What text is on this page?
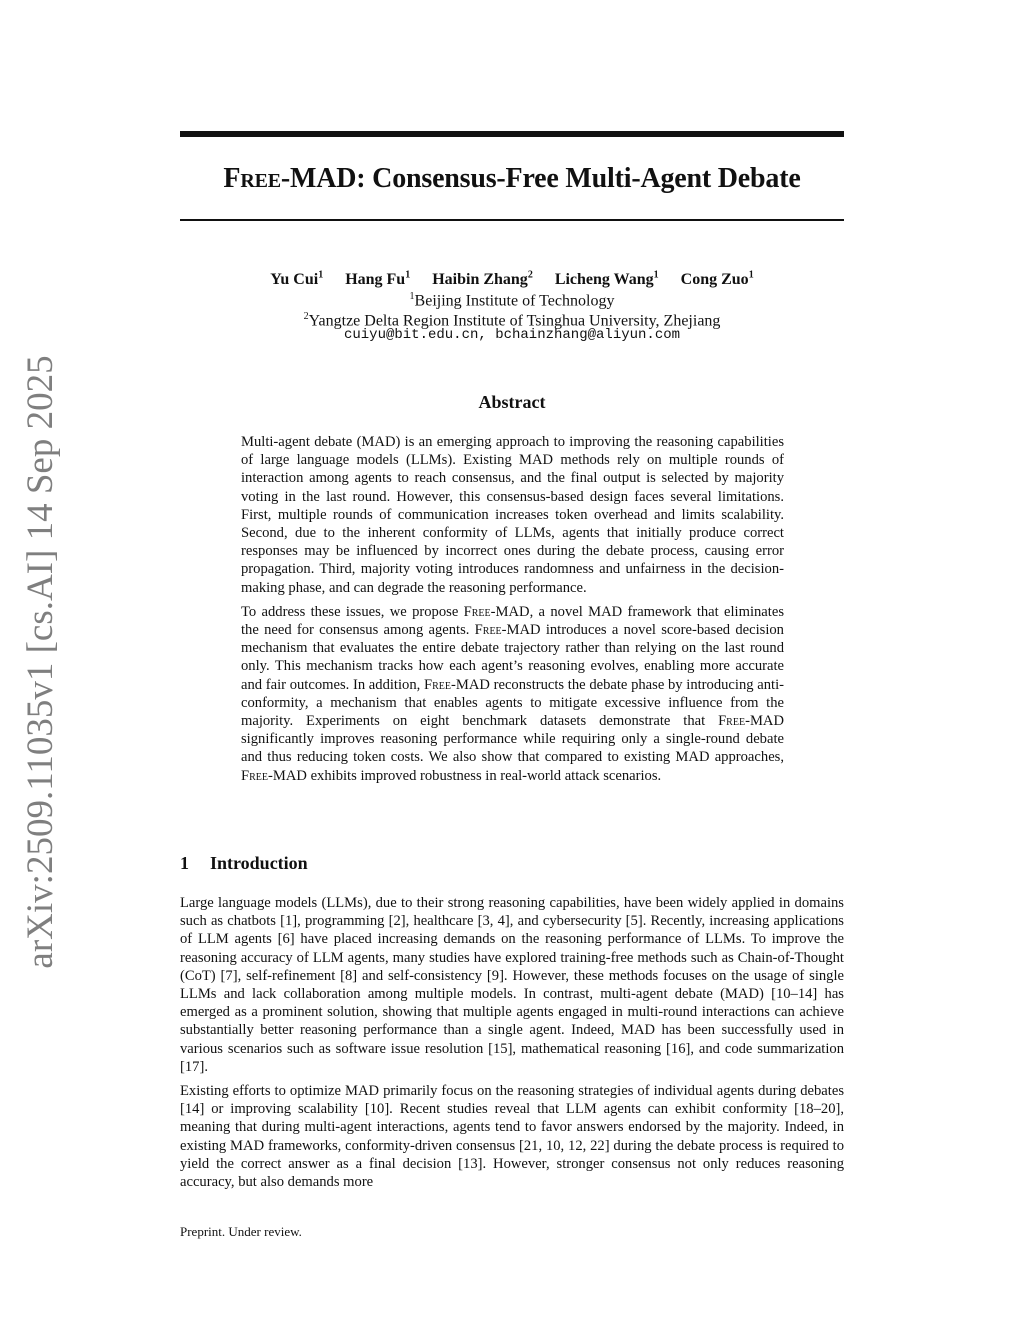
arXiv:2509.11035v1 [cs.AI] 14 Sep 2025
Free-MAD: Consensus-Free Multi-Agent Debate
Yu Cui$^1$ Hang Fu$^1$ Haibin Zhang$^2$ Licheng Wang$^1$ Cong Zuo$^1$
$^1$Beijing Institute of Technology
$^2$Yangtze Delta Region Institute of Tsinghua University, Zhejiang
cuiyu@bit.edu.cn, bchainzhang@aliyun.com
Abstract

Multi-agent debate (MAD) is an emerging approach to improving the reasoning capabilities of large language models (LLMs). Existing MAD methods rely on multiple rounds of interaction among agents to reach consensus, and the final output is selected by majority voting in the last round. However, this consensus-based design faces several limitations. First, multiple rounds of communication increases token overhead and limits scalability. Second, due to the inherent conformity of LLMs, agents that initially produce correct responses may be influenced by incorrect ones during the debate process, causing error propagation. Third, majority voting introduces randomness and unfairness in the decision-making phase, and can degrade the reasoning performance.

To address these issues, we propose Free-MAD, a novel MAD framework that eliminates the need for consensus among agents. Free-MAD introduces a novel score-based decision mechanism that evaluates the entire debate trajectory rather than relying on the last round only. This mechanism tracks how each agent’s reasoning evolves, enabling more accurate and fair outcomes. In addition, Free-MAD reconstructs the debate phase by introducing anti-conformity, a mechanism that enables agents to mitigate excessive influence from the majority. Experiments on eight benchmark datasets demonstrate that Free-MAD significantly improves reasoning performance while requiring only a single-round debate and thus reducing token costs. We also show that compared to existing MAD approaches, Free-MAD exhibits improved robustness in real-world attack scenarios.

1 Introduction

Large language models (LLMs), due to their strong reasoning capabilities, have been widely applied in domains such as chatbots [1], programming [2], healthcare [3, 4], and cybersecurity [5]. Recently, increasing applications of LLM agents [6] have placed increasing demands on the reasoning performance of LLMs. To improve the reasoning accuracy of LLM agents, many studies have explored training-free methods such as Chain-of-Thought (CoT) [7], self-refinement [8] and self-consistency [9]. However, these methods focuses on the usage of single LLMs and lack collaboration among multiple models. In contrast, multi-agent debate (MAD) [10–14] has emerged as a prominent solution, showing that multiple agents engaged in multi-round interactions can achieve substantially better reasoning performance than a single agent. Indeed, MAD has been successfully used in various scenarios such as software issue resolution [15], mathematical reasoning [16], and code summarization [17].

Existing efforts to optimize MAD primarily focus on the reasoning strategies of individual agents during debates [14] or improving scalability [10]. Recent studies reveal that LLM agents can exhibit conformity [18–20], meaning that during multi-agent interactions, agents tend to favor answers endorsed by the majority. Indeed, in existing MAD frameworks, conformity-driven consensus [21, 10, 12, 22] during the debate process is required to yield the correct answer as a final decision [13]. However, stronger consensus not only reduces reasoning accuracy, but also demands more

Preprint. Under review.
